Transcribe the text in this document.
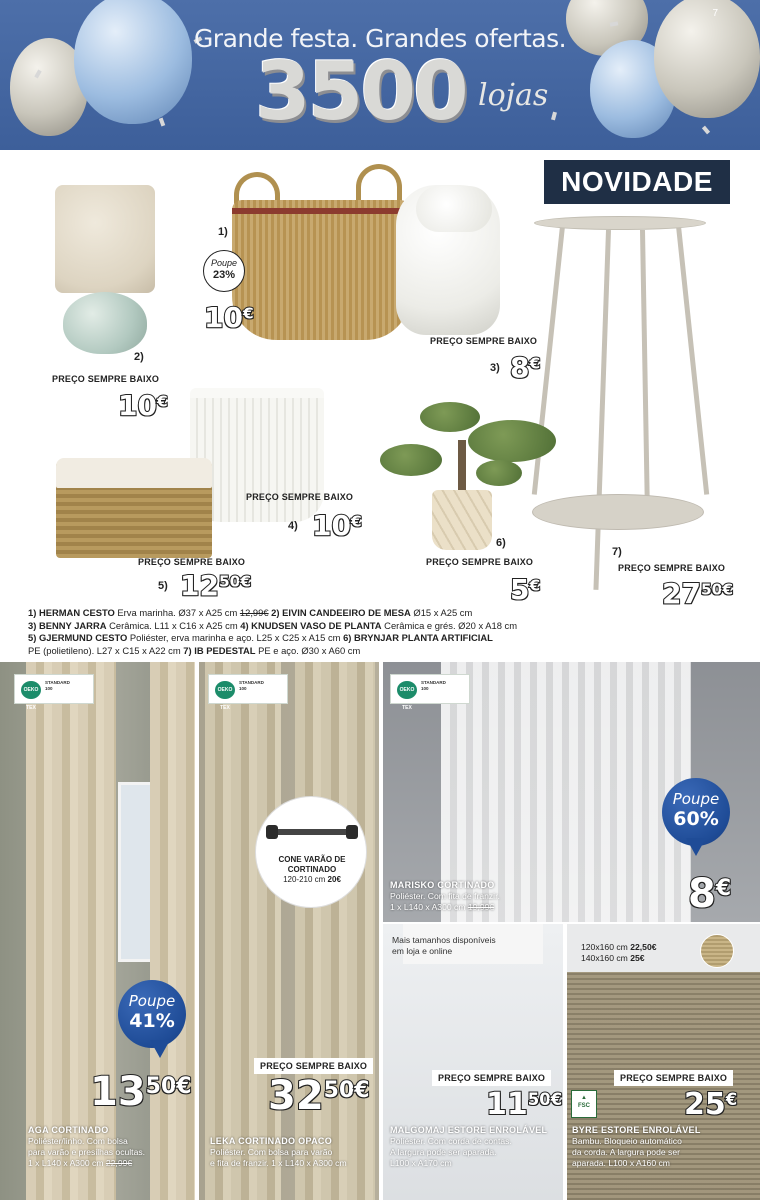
Grande festa. Grandes ofertas.
3500 lojas
7
NOVIDADE
2)
PREÇO SEMPRE BAIXO
10€
1)
Poupe
23%
10€
PREÇO SEMPRE BAIXO
3) 8€
7)
PREÇO SEMPRE BAIXO
$27^{50€}$
PREÇO SEMPRE BAIXO
4) 10€
PREÇO SEMPRE BAIXO
5) $12^{50€}$
6)
PREÇO SEMPRE BAIXO
5€
1) HERMAN CESTO Erva marinha. Ø37 x A25 cm 12,99€ 2) EIVIN CANDEEIRO DE MESA Ø15 x A25 cm
3) BENNY JARRA Cerâmica. L11 x C16 x A25 cm 4) KNUDSEN VASO DE PLANTA Cerâmica e grés. Ø20 x A18 cm
5) GJERMUND CESTO Poliéster, erva marinha e aço. L25 x C25 x A15 cm 6) BRYNJAR PLANTA ARTIFICIAL
PE (polietileno). L27 x C15 x A22 cm 7) IB PEDESTAL PE e aço. Ø30 x A60 cm
OEKO TEX
STANDARD
100
Poupe
41%
$13^{50€}$
AGA CORTINADO
Poliéster/linho. Com bolsa
para varão e presilhas ocultas.
1 x L140 x A300 cm 22,99€
OEKO TEX
STANDARD
100
CONE VARÃO DE
CORTINADO
120-210 cm 20€
PREÇO SEMPRE BAIXO
$32^{50€}$
LEKA CORTINADO OPACO
Poliéster. Com bolsa para varão
e fita de franzir. 1 x L140 x A300 cm
OEKO TEX
STANDARD
100
Poupe
60%
8€
MARISKO CORTINADO
Poliéster. Com fita de franzir.
1 x L140 x A300 cm 19,99€
Mais tamanhos disponíveis
em loja e online
PREÇO SEMPRE BAIXO
$11^{50€}$
MALGOMAJ ESTORE ENROLÁVEL
Poliéster. Com corda de contas.
A largura pode ser aparada.
L100 x A170 cm
120x160 cm 22,50€
140x160 cm 25€
PREÇO SEMPRE BAIXO
▲
FSC	25€
BYRE ESTORE ENROLÁVEL
Bambu. Bloqueio automático
da corda. A largura pode ser
aparada. L100 x A160 cm
